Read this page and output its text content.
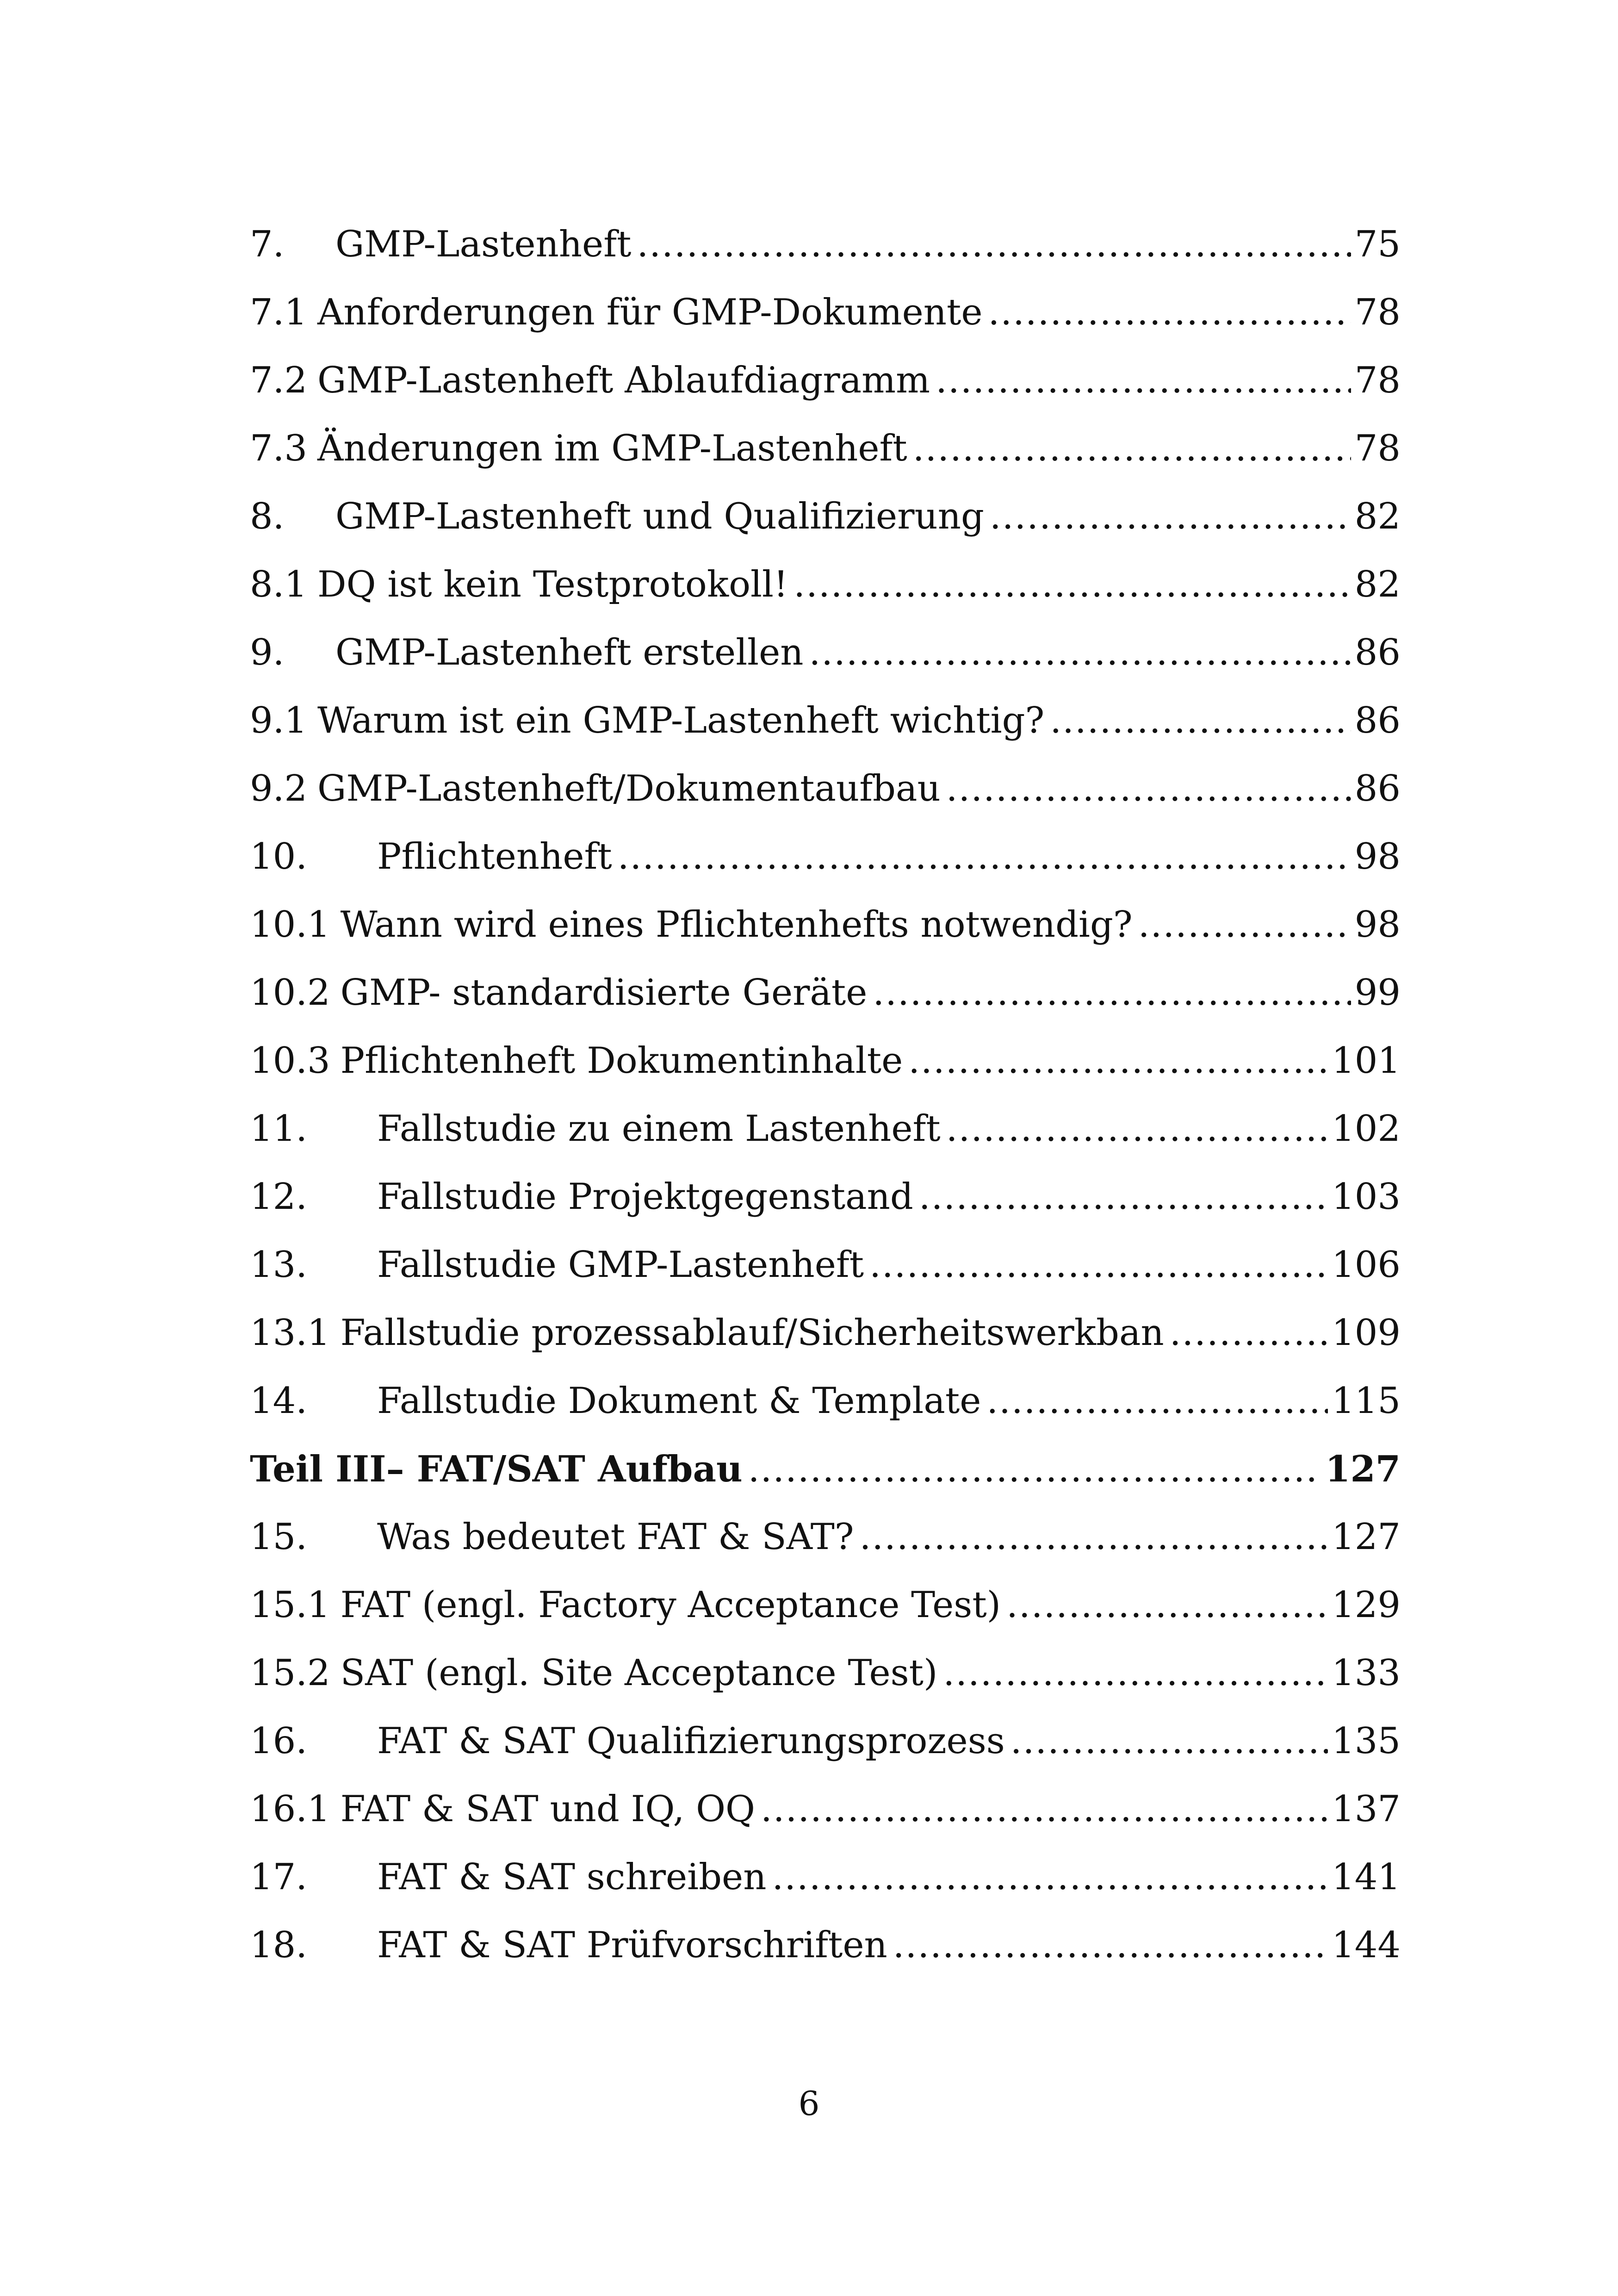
7.	GMP-Lastenheft .....	75
7.1 Anforderungen für GMP-Dokumente .....	78
7.2 GMP-Lastenheft Ablaufdiagramm .....	78
7.3 Änderungen im GMP-Lastenheft .....	78
8.	GMP-Lastenheft und Qualifizierung .....	82
8.1 DQ ist kein Testprotokoll! .....	82
9.	GMP-Lastenheft erstellen .....	86
9.1 Warum ist ein GMP-Lastenheft wichtig? .....	86
9.2 GMP-Lastenheft/Dokumentaufbau .....	86
10.	Pflichtenheft .....	98
10.1 Wann wird eines Pflichtenhefts notwendig? .....	98
10.2 GMP- standardisierte Geräte .....	99
10.3 Pflichtenheft Dokumentinhalte .....	101
11.	Fallstudie zu einem Lastenheft .....	102
12.	Fallstudie Projektgegenstand .....	103
13.	Fallstudie GMP-Lastenheft .....	106
13.1 Fallstudie prozessablauf/Sicherheitswerkban .....	109
14.	Fallstudie Dokument & Template .....	115
Teil III– FAT/SAT Aufbau .....	127
15.	Was bedeutet FAT & SAT? .....	127
15.1 FAT (engl. Factory Acceptance Test) .....	129
15.2 SAT (engl. Site Acceptance Test) .....	133
16.	FAT & SAT Qualifizierungsprozess .....	135
16.1 FAT & SAT und IQ, OQ .....	137
17.	FAT & SAT schreiben .....	141
18.	FAT & SAT Prüfvorschriften .....	144
6
